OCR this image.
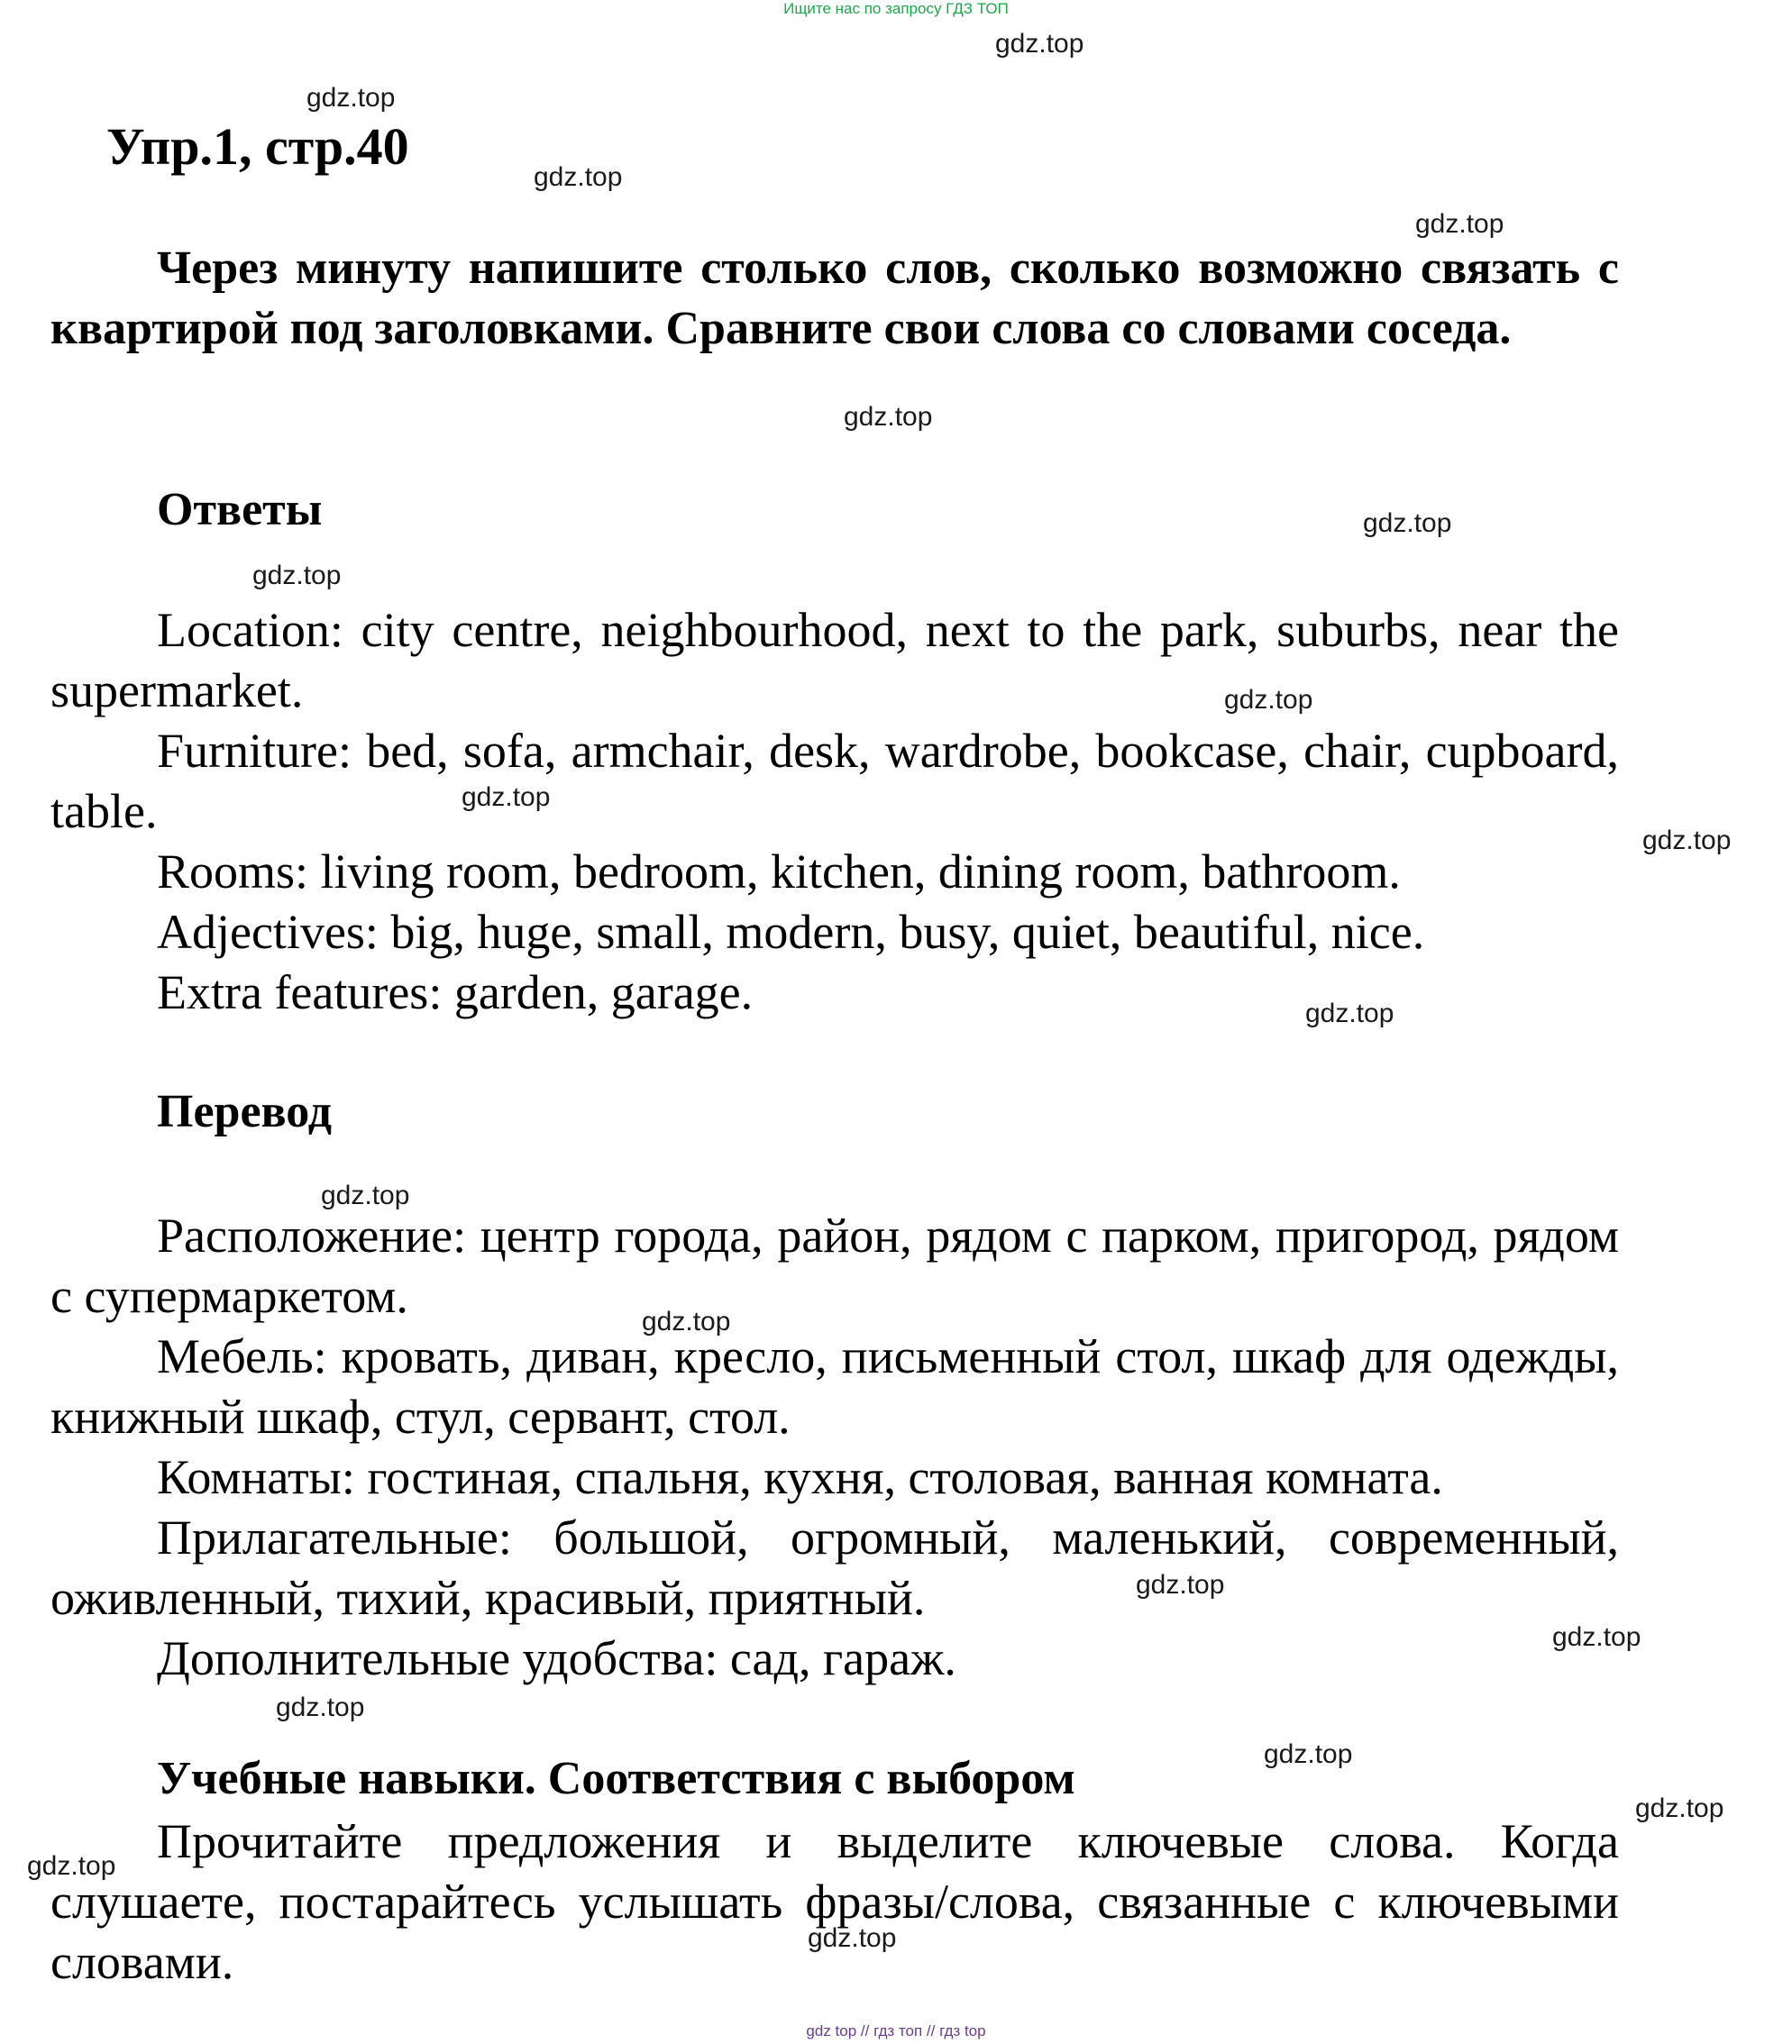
Ищите нас по запросу ГДЗ ТОП
gdz.top
gdz.top
gdz.top
gdz.top
gdz.top
gdz.top
gdz.top
gdz.top
gdz.top
gdz.top
gdz.top
gdz.top
gdz.top
gdz.top
gdz.top
gdz.top
gdz.top
gdz.top
gdz.top
gdz.top
Упр.1, стр.40

Через минуту напишите столько слов, сколько возможно связать с квартирой под заголовками. Сравните свои слова со словами соседа.

Ответы

Location: city centre, neighbourhood, next to the park, suburbs, near the supermarket.

Furniture: bed, sofa, armchair, desk, wardrobe, bookcase, chair, cupboard, table.

Rooms: living room, bedroom, kitchen, dining room, bathroom.

Adjectives: big, huge, small, modern, busy, quiet, beautiful, nice.

Extra features: garden, garage.

Перевод

Расположение: центр города, район, рядом с парком, пригород, рядом с супермаркетом.

Мебель: кровать, диван, кресло, письменный стол, шкаф для одежды, книжный шкаф, стул, сервант, стол.

Комнаты: гостиная, спальня, кухня, столовая, ванная комната.

Прилагательные: большой, огромный, маленький, современный, оживленный, тихий, красивый, приятный.

Дополнительные удобства: сад, гараж.

Учебные навыки. Соответствия с выбором

Прочитайте предложения и выделите ключевые слова. Когда слушаете, постарайтесь услышать фразы/слова, связанные с ключевыми словами.

gdz top // гдз топ // гдз top
